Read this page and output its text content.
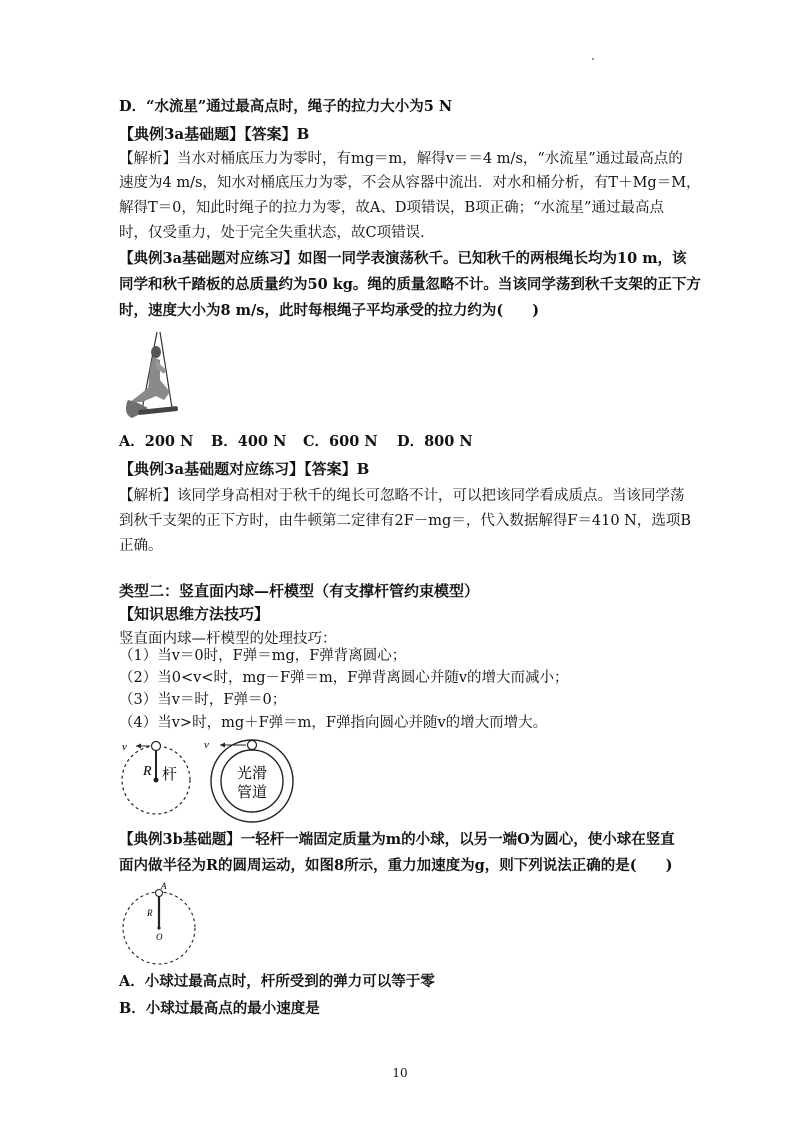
D．“水流星”通过最高点时，绳子的拉力大小为5 N
【典例3a基础题】【答案】B
【解析】当水对桶底压力为零时，有mg＝m，解得v＝＝4 m/s，“水流星”通过最高点的
速度为4 m/s，知水对桶底压力为零，不会从容器中流出．对水和桶分析，有T＋Mg＝M，
解得T＝0，知此时绳子的拉力为零，故A、D项错误，B项正确；“水流星”通过最高点
时，仅受重力，处于完全失重状态，故C项错误．
【典例3a基础题对应练习】如图一同学表演荡秋千。已知秋千的两根绳长均为10 m，该
同学和秋千踏板的总质量约为50 kg。绳的质量忽略不计。当该同学荡到秋千支架的正下方
时，速度大小为8 m/s，此时每根绳子平均承受的拉力约为(　　)
A．200 N B．400 N C．600 N D．800 N
【典例3a基础题对应练习】【答案】B
【解析】该同学身高相对于秋千的绳长可忽略不计，可以把该同学看成质点。当该同学荡
到秋千支架的正下方时，由牛顿第二定律有2F－mg＝，代入数据解得F＝410 N，选项B
正确。
类型二：竖直面内球—杆模型（有支撑杆管约束模型）
【知识思维方法技巧】
竖直面内球—杆模型的处理技巧：
（1）当v＝0时，F弹＝mg，F弹背离圆心；
（2）当0<v<时，mg－F弹＝m，F弹背离圆心并随v的增大而减小；
（3）当v＝时，F弹＝0；
（4）当v>时，mg＋F弹＝m，F弹指向圆心并随v的增大而增大。
v
R 杆
v
光滑
管道
【典例3b基础题】一轻杆一端固定质量为m的小球，以另一端O为圆心，使小球在竖直
面内做半径为R的圆周运动，如图8所示，重力加速度为g，则下列说法正确的是(　　)
A
R
O
A．小球过最高点时，杆所受到的弹力可以等于零
B．小球过最高点的最小速度是
10
